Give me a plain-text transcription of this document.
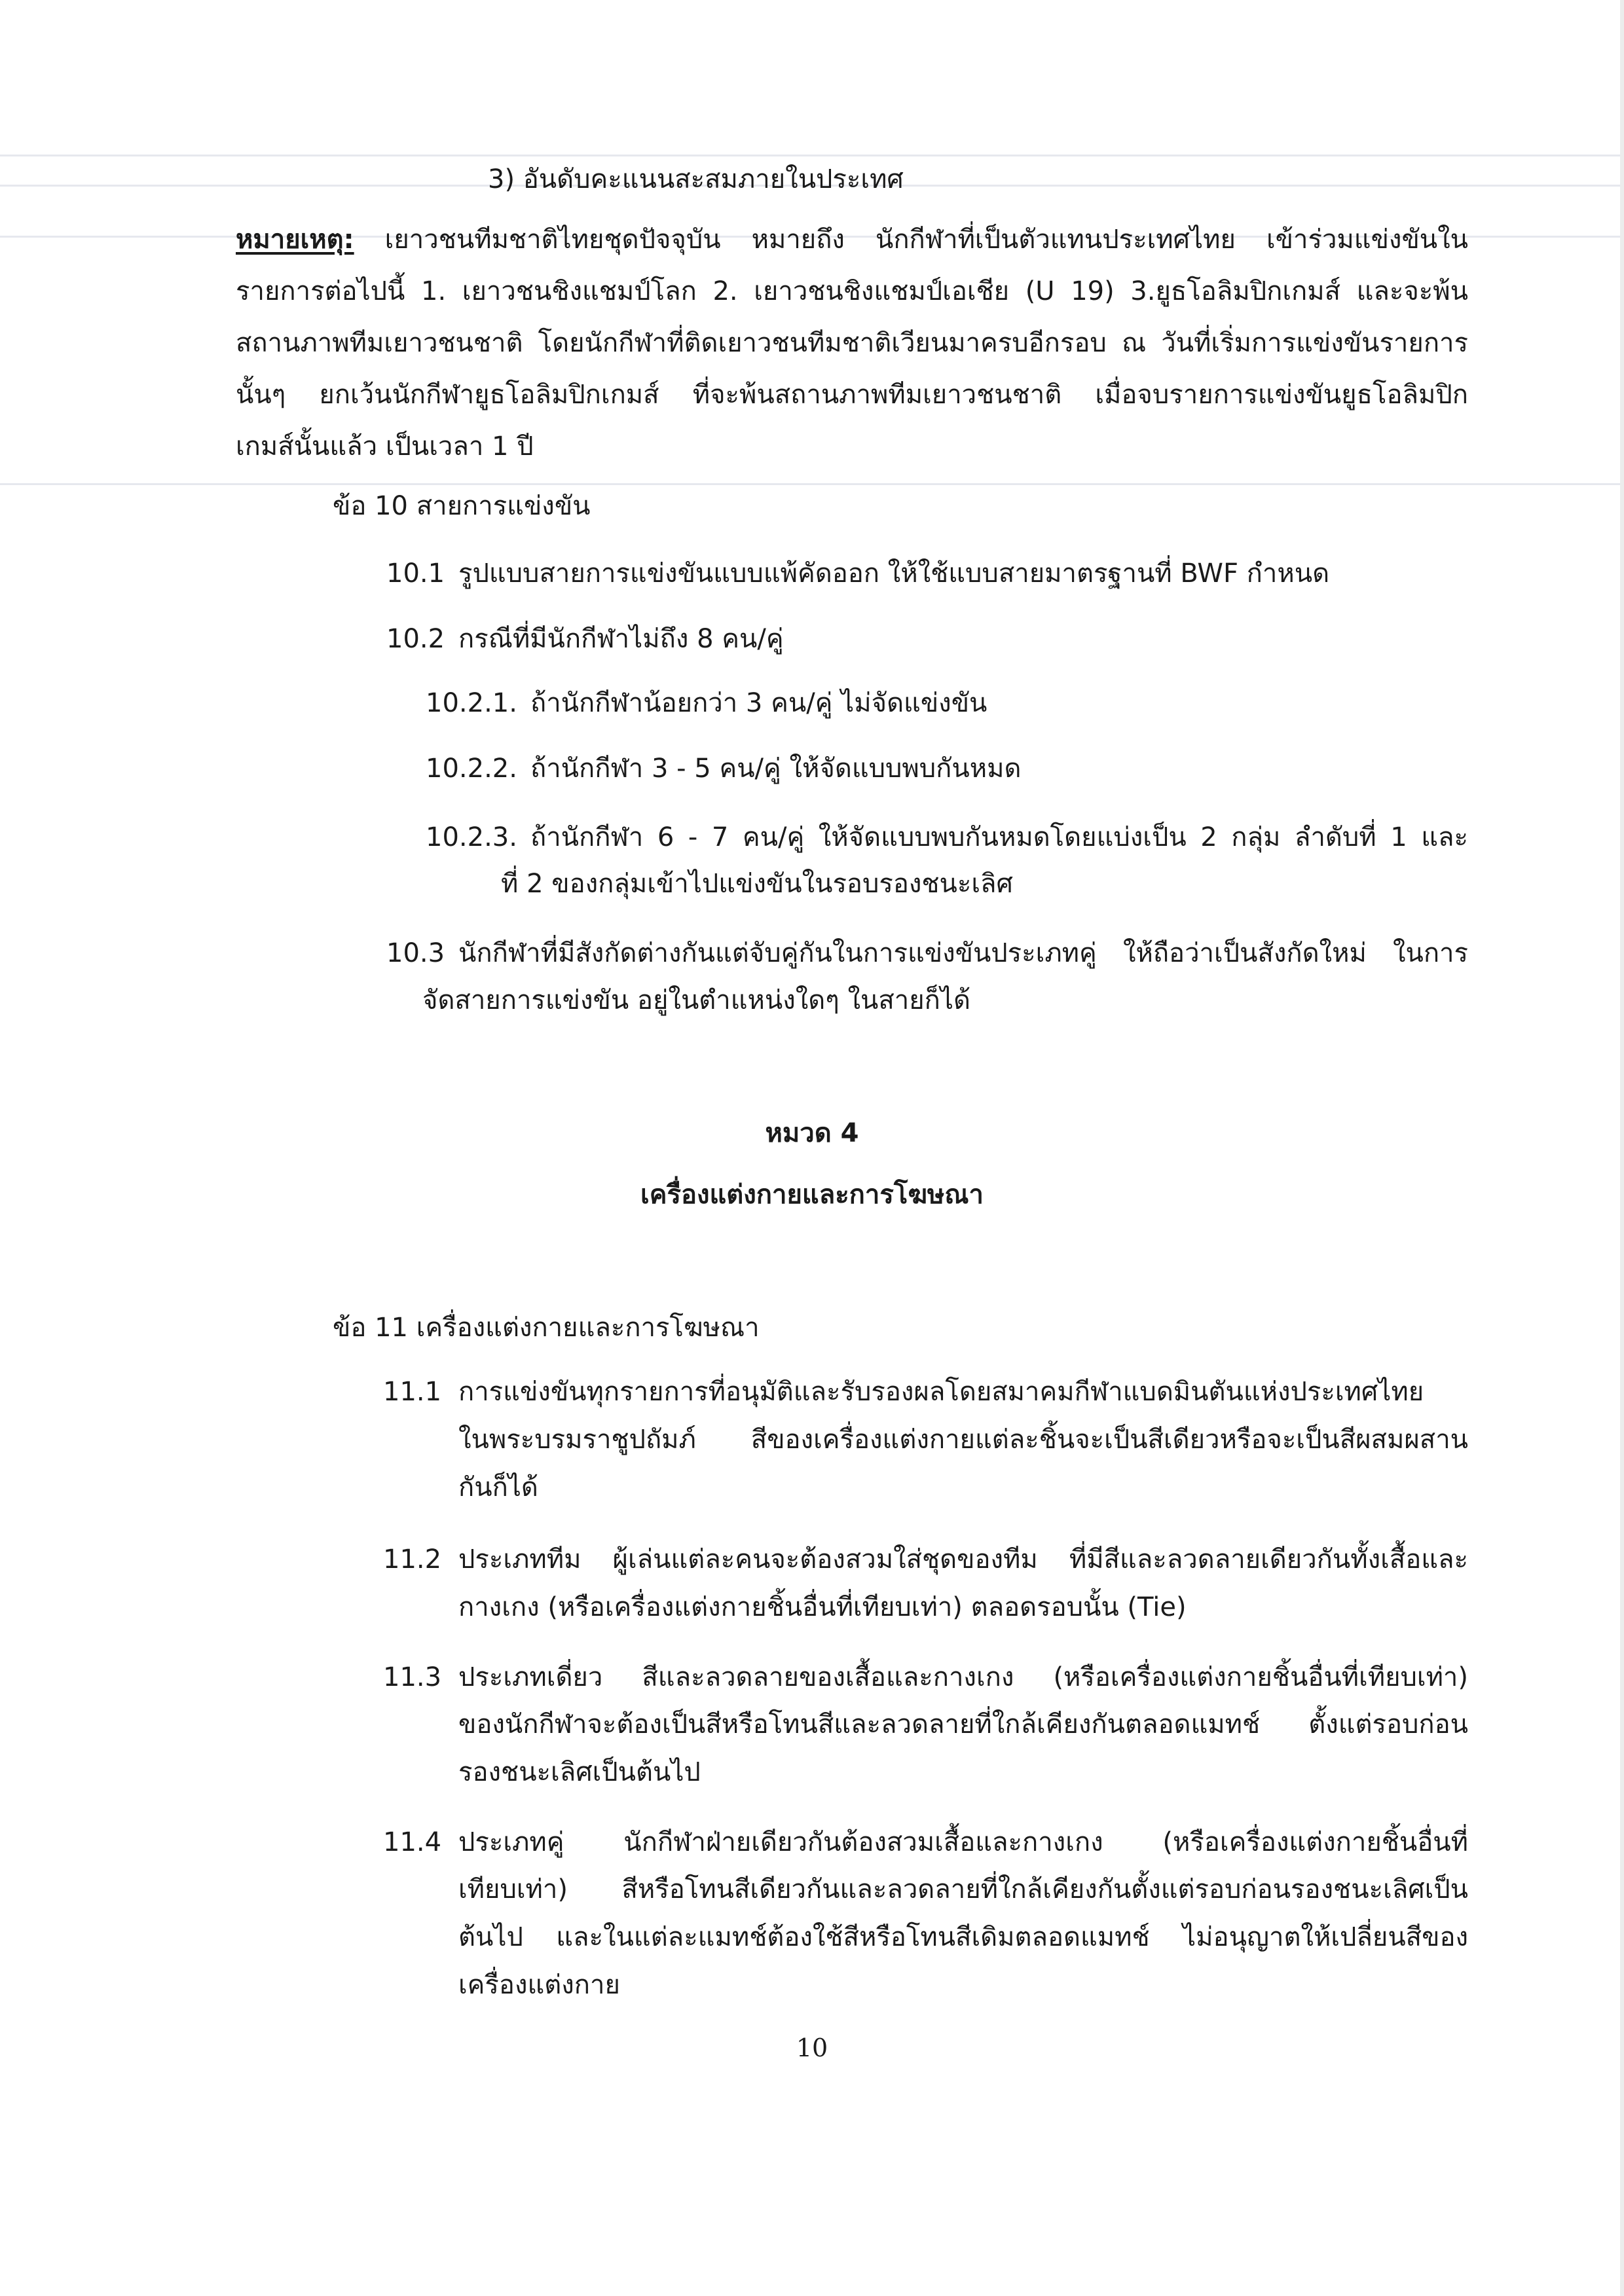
3) อันดับคะแนนสะสมภายในประเทศ
หมายเหตุ: เยาวชนทีมชาติไทยชุดปัจจุบัน หมายถึง นักกีฬาที่เป็นตัวแทนประเทศไทย เข้าร่วมแข่งขันใน
รายการต่อไปนี้ 1. เยาวชนชิงแชมป์โลก 2. เยาวชนชิงแชมป์เอเชีย (U 19) 3.ยูธโอลิมปิกเกมส์ และจะพ้น
สถานภาพทีมเยาวชนชาติ โดยนักกีฬาที่ติดเยาวชนทีมชาติเวียนมาครบอีกรอบ ณ วันที่เริ่มการแข่งขันรายการ
นั้นๆ ยกเว้นนักกีฬายูธโอลิมปิกเกมส์ ที่จะพ้นสถานภาพทีมเยาวชนชาติ เมื่อจบรายการแข่งขันยูธโอลิมปิก
เกมส์นั้นแล้ว เป็นเวลา 1 ปี
ข้อ 10 สายการแข่งขัน
10.1 รูปแบบสายการแข่งขันแบบแพ้คัดออก ให้ใช้แบบสายมาตรฐานที่ BWF กำหนด
10.2 กรณีที่มีนักกีฬาไม่ถึง 8 คน/คู่
10.2.1. ถ้านักกีฬาน้อยกว่า 3 คน/คู่ ไม่จัดแข่งขัน
10.2.2. ถ้านักกีฬา 3 - 5 คน/คู่ ให้จัดแบบพบกันหมด
10.2.3. ถ้านักกีฬา 6 - 7 คน/คู่ ให้จัดแบบพบกันหมดโดยแบ่งเป็น 2 กลุ่ม ลำดับที่ 1 และ
ที่ 2 ของกลุ่มเข้าไปแข่งขันในรอบรองชนะเลิศ
10.3 นักกีฬาที่มีสังกัดต่างกันแต่จับคู่กันในการแข่งขันประเภทคู่ ให้ถือว่าเป็นสังกัดใหม่ ในการ
จัดสายการแข่งขัน อยู่ในตำแหน่งใดๆ ในสายก็ได้
หมวด 4
เครื่องแต่งกายและการโฆษณา
ข้อ 11 เครื่องแต่งกายและการโฆษณา
11.1 การแข่งขันทุกรายการที่อนุมัติและรับรองผลโดยสมาคมกีฬาแบดมินตันแห่งประเทศไทย
ในพระบรมราชูปถัมภ์ สีของเครื่องแต่งกายแต่ละชิ้นจะเป็นสีเดียวหรือจะเป็นสีผสมผสาน
กันก็ได้
11.2 ประเภททีม ผู้เล่นแต่ละคนจะต้องสวมใส่ชุดของทีม ที่มีสีและลวดลายเดียวกันทั้งเสื้อและ
กางเกง (หรือเครื่องแต่งกายชิ้นอื่นที่เทียบเท่า) ตลอดรอบนั้น (Tie)
11.3 ประเภทเดี่ยว สีและลวดลายของเสื้อและกางเกง (หรือเครื่องแต่งกายชิ้นอื่นที่เทียบเท่า)
ของนักกีฬาจะต้องเป็นสีหรือโทนสีและลวดลายที่ใกล้เคียงกันตลอดแมทช์ ตั้งแต่รอบก่อน
รองชนะเลิศเป็นต้นไป
11.4 ประเภทคู่ นักกีฬาฝ่ายเดียวกันต้องสวมเสื้อและกางเกง (หรือเครื่องแต่งกายชิ้นอื่นที่
เทียบเท่า) สีหรือโทนสีเดียวกันและลวดลายที่ใกล้เคียงกันตั้งแต่รอบก่อนรองชนะเลิศเป็น
ต้นไป และในแต่ละแมทช์ต้องใช้สีหรือโทนสีเดิมตลอดแมทช์ ไม่อนุญาตให้เปลี่ยนสีของ
เครื่องแต่งกาย
10
